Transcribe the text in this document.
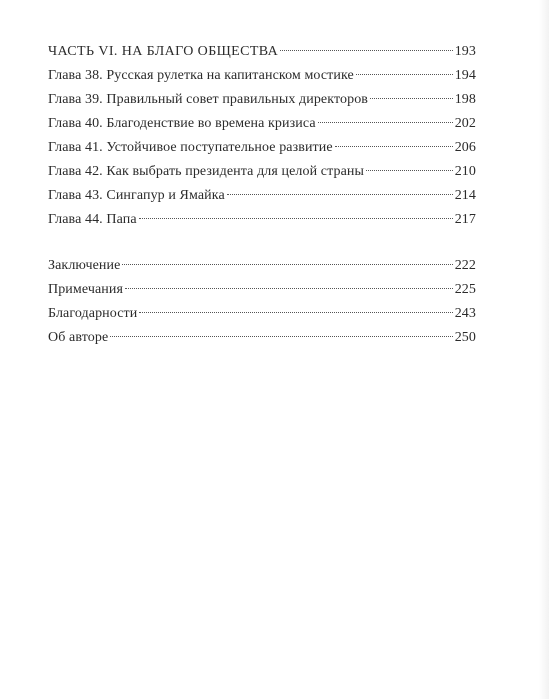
ЧАСТЬ VI. НА БЛАГО ОБЩЕСТВА	193
Глава 38. Русская рулетка на капитанском мостике	194
Глава 39. Правильный совет правильных директоров	198
Глава 40. Благоденствие во времена кризиса	202
Глава 41. Устойчивое поступательное развитие	206
Глава 42. Как выбрать президента для целой страны	210
Глава 43. Сингапур и Ямайка	214
Глава 44. Папа	217
Заключение	222
Примечания	225
Благодарности	243
Об авторе	250
